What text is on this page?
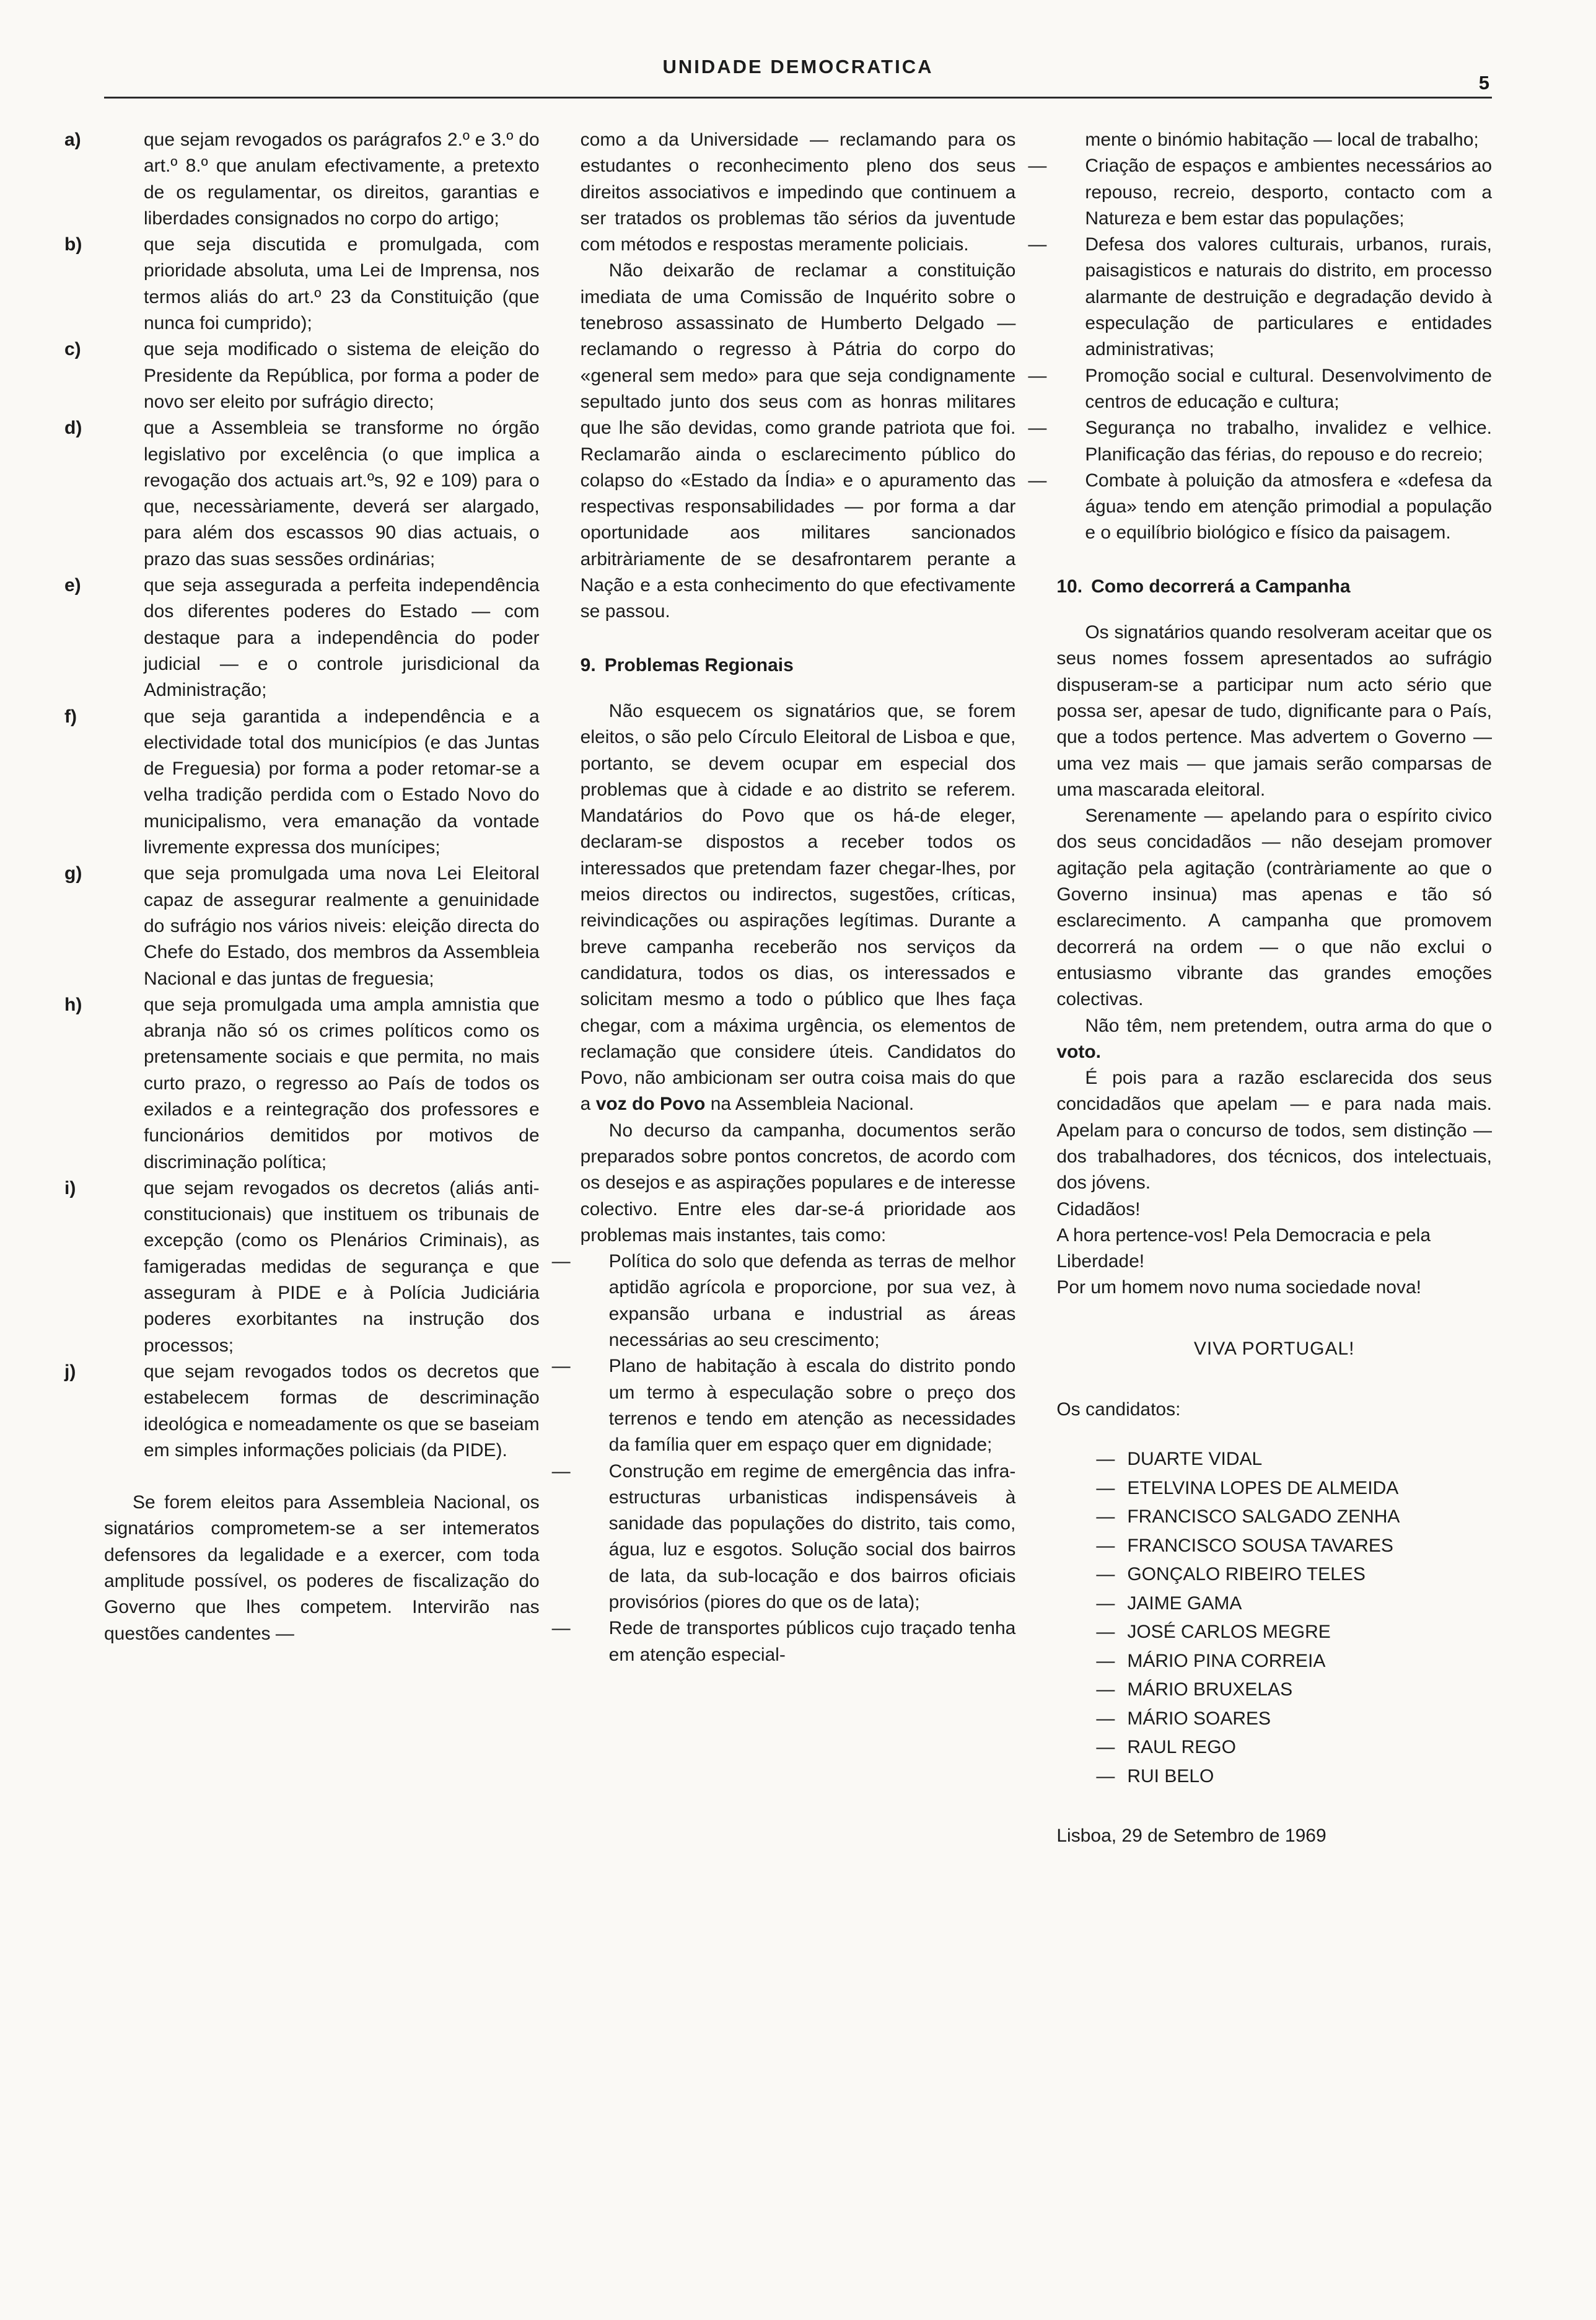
UNIDADE DEMOCRATICA
5
a)	que sejam revogados os parágrafos 2.º e 3.º do art.º 8.º que anulam efectivamente, a pretexto de os regulamentar, os direitos, garantias e liberdades consignados no corpo do artigo;
b)	que seja discutida e promulgada, com prioridade absoluta, uma Lei de Imprensa, nos termos aliás do art.º 23 da Constituição (que nunca foi cumprido);
c)	que seja modificado o sistema de eleição do Presidente da República, por forma a poder de novo ser eleito por sufrágio directo;
d)	que a Assembleia se transforme no órgão legislativo por excelência (o que implica a revogação dos actuais art.ºs, 92 e 109) para o que, necessàriamente, deverá ser alargado, para além dos escassos 90 dias actuais, o prazo das suas sessões ordinárias;
e)	que seja assegurada a perfeita independência dos diferentes poderes do Estado — com destaque para a independência do poder judicial — e o controle jurisdicional da Administração;
f)	que seja garantida a independência e a electividade total dos municípios (e das Juntas de Freguesia) por forma a poder retomar-se a velha tradição perdida com o Estado Novo do municipalismo, vera emanação da vontade livremente expressa dos munícipes;
g)	que seja promulgada uma nova Lei Eleitoral capaz de assegurar realmente a genuinidade do sufrágio nos vários niveis: eleição directa do Chefe do Estado, dos membros da Assembleia Nacional e das juntas de freguesia;
h)	que seja promulgada uma ampla amnistia que abranja não só os crimes políticos como os pretensamente sociais e que permita, no mais curto prazo, o regresso ao País de todos os exilados e a reintegração dos professores e funcionários demitidos por motivos de discriminação política;
i)	que sejam revogados os decretos (aliás anti-constitucionais) que instituem os tribunais de excepção (como os Plenários Criminais), as famigeradas medidas de segurança e que asseguram à PIDE e à Polícia Judiciária poderes exorbitantes na instrução dos processos;
j)	que sejam revogados todos os decretos que estabelecem formas de descriminação ideológica e nomeadamente os que se baseiam em simples informações policiais (da PIDE).

Se forem eleitos para Assembleia Nacional, os signatários comprometem-se a ser intemeratos defensores da legalidade e a exercer, com toda amplitude possível, os poderes de fiscalização do Governo que lhes competem. Intervirão nas questões candentes —

como a da Universidade — reclamando para os estudantes o reconhecimento pleno dos seus direitos associativos e impedindo que continuem a ser tratados os problemas tão sérios da juventude com métodos e respostas meramente policiais.

Não deixarão de reclamar a constituição imediata de uma Comissão de Inquérito sobre o tenebroso assassinato de Humberto Delgado — reclamando o regresso à Pátria do corpo do «general sem medo» para que seja condignamente sepultado junto dos seus com as honras militares que lhe são devidas, como grande patriota que foi. Reclamarão ainda o esclarecimento público do colapso do «Estado da Índia» e o apuramento das respectivas responsabilidades — por forma a dar oportunidade aos militares sancionados arbitràriamente de se desafrontarem perante a Nação e a esta conhecimento do que efectivamente se passou.

9. Problemas Regionais

Não esquecem os signatários que, se forem eleitos, o são pelo Círculo Eleitoral de Lisboa e que, portanto, se devem ocupar em especial dos problemas que à cidade e ao distrito se referem. Mandatários do Povo que os há-de eleger, declaram-se dispostos a receber todos os interessados que pretendam fazer chegar-lhes, por meios directos ou indirectos, sugestões, críticas, reivindicações ou aspirações legítimas. Durante a breve campanha receberão nos serviços da candidatura, todos os dias, os interessados e solicitam mesmo a todo o público que lhes faça chegar, com a máxima urgência, os elementos de reclamação que considere úteis. Candidatos do Povo, não ambicionam ser outra coisa mais do que a voz do Povo na Assembleia Nacional.

No decurso da campanha, documentos serão preparados sobre pontos concretos, de acordo com os desejos e as aspirações populares e de interesse colectivo. Entre eles dar-se-á prioridade aos problemas mais instantes, tais como:

— Política do solo que defenda as terras de melhor aptidão agrícola e proporcione, por sua vez, à expansão urbana e industrial as áreas necessárias ao seu crescimento;
— Plano de habitação à escala do distrito pondo um termo à especulação sobre o preço dos terrenos e tendo em atenção as necessidades da família quer em espaço quer em dignidade;
— Construção em regime de emergência das infra-estructuras urbanisticas indispensáveis à sanidade das populações do distrito, tais como, água, luz e esgotos. Solução social dos bairros de lata, da sub-locação e dos bairros oficiais provisórios (piores do que os de lata);
— Rede de transportes públicos cujo traçado tenha em atenção especial-
mente o binómio habitação — local de trabalho;
— Criação de espaços e ambientes necessários ao repouso, recreio, desporto, contacto com a Natureza e bem estar das populações;
— Defesa dos valores culturais, urbanos, rurais, paisagisticos e naturais do distrito, em processo alarmante de destruição e degradação devido à especulação de particulares e entidades administrativas;
— Promoção social e cultural. Desenvolvimento de centros de educação e cultura;
— Segurança no trabalho, invalidez e velhice. Planificação das férias, do repouso e do recreio;
— Combate à poluição da atmosfera e «defesa da água» tendo em atenção primodial a população e o equilíbrio biológico e físico da paisagem.
10. Como decorrerá a Campanha

Os signatários quando resolveram aceitar que os seus nomes fossem apresentados ao sufrágio dispuseram-se a participar num acto sério que possa ser, apesar de tudo, dignificante para o País, que a todos pertence. Mas advertem o Governo — uma vez mais — que jamais serão comparsas de uma mascarada eleitoral.

Serenamente — apelando para o espírito civico dos seus concidadãos — não desejam promover agitação pela agitação (contràriamente ao que o Governo insinua) mas apenas e tão só esclarecimento. A campanha que promovem decorrerá na ordem — o que não exclui o entusiasmo vibrante das grandes emoções colectivas.

Não têm, nem pretendem, outra arma do que o voto.

É pois para a razão esclarecida dos seus concidadãos que apelam — e para nada mais. Apelam para o concurso de todos, sem distinção — dos trabalhadores, dos técnicos, dos intelectuais, dos jóvens.

Cidadãos!
A hora pertence-vos! Pela Democracia e pela Liberdade!
Por um homem novo numa sociedade nova!
VIVA PORTUGAL!
Os candidatos:
— DUARTE VIDAL
— ETELVINA LOPES DE ALMEIDA
— FRANCISCO SALGADO ZENHA
— FRANCISCO SOUSA TAVARES
— GONÇALO RIBEIRO TELES
— JAIME GAMA
— JOSÉ CARLOS MEGRE
— MÁRIO PINA CORREIA
— MÁRIO BRUXELAS
— MÁRIO SOARES
— RAUL REGO
— RUI BELO
Lisboa, 29 de Setembro de 1969
